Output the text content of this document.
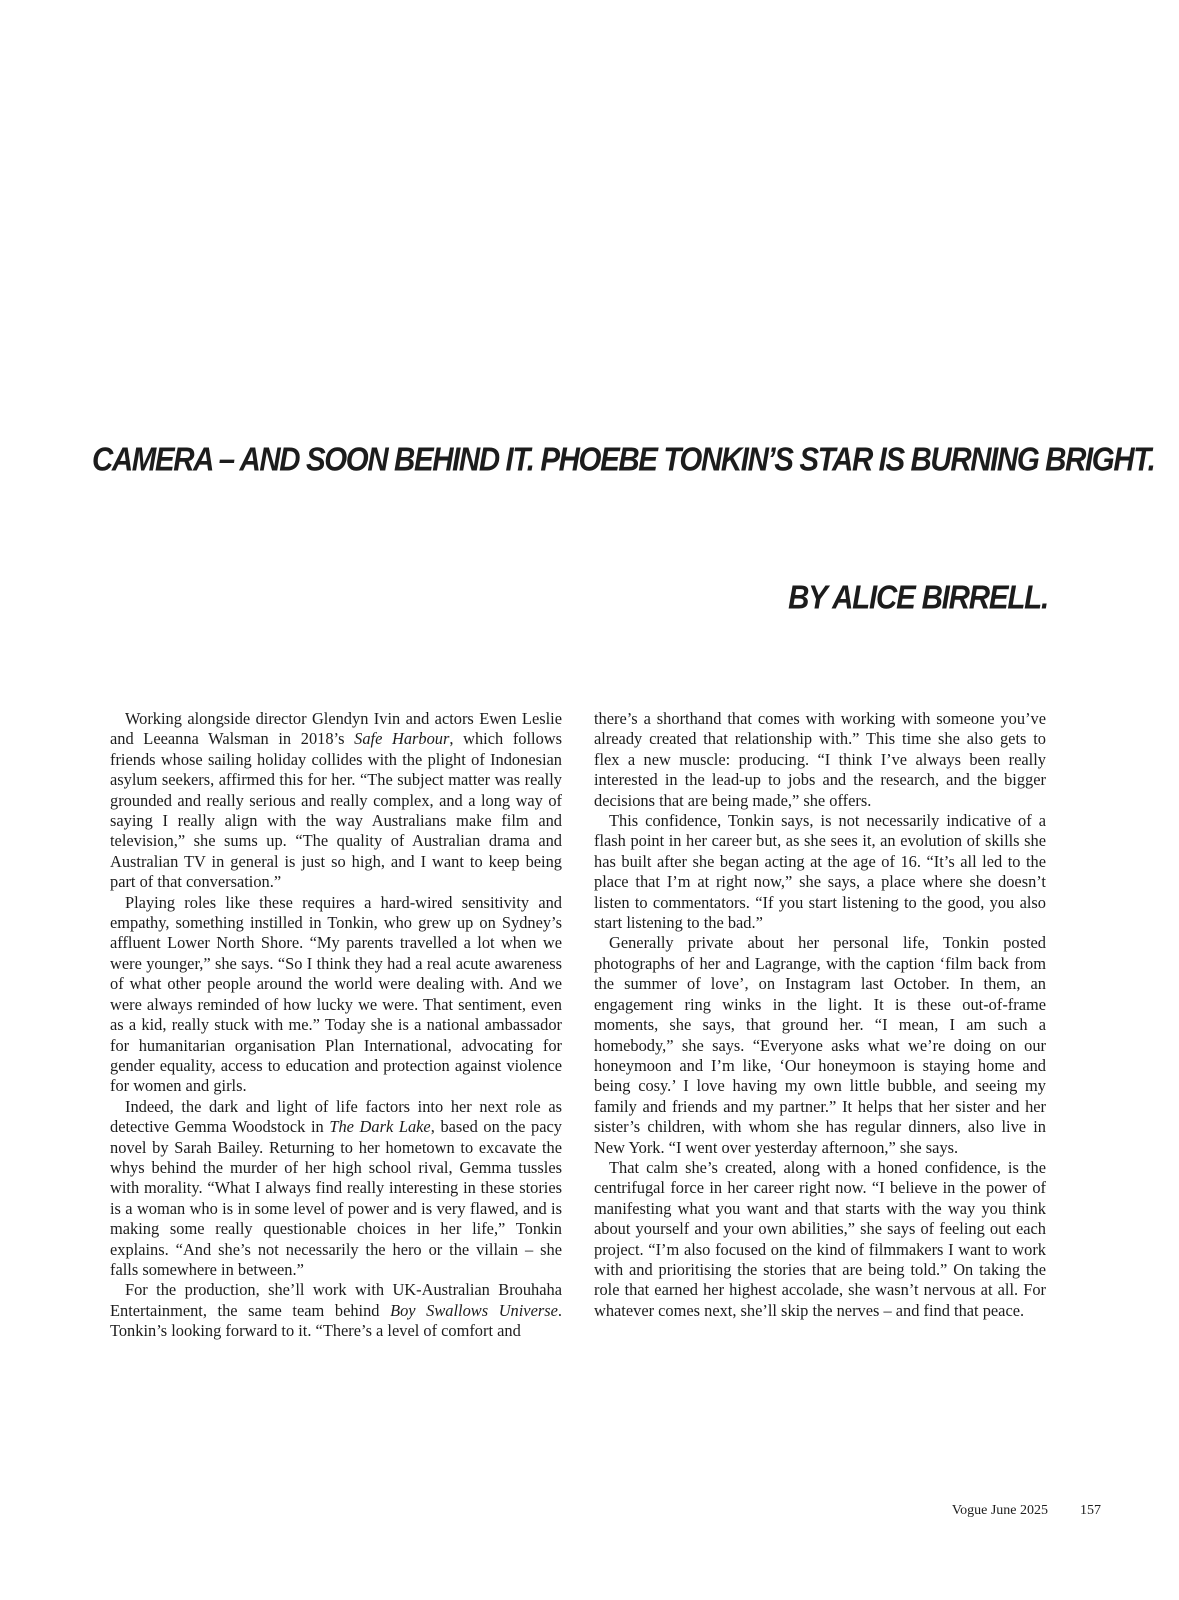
CAMERA – AND SOON BEHIND IT. PHOEBE TONKIN’S STAR IS BURNING BRIGHT.
BY ALICE BIRRELL.

Working alongside director Glendyn Ivin and actors Ewen Leslie and Leeanna Walsman in 2018’s Safe Harbour, which follows friends whose sailing holiday collides with the plight of Indonesian asylum seekers, affirmed this for her. “The subject matter was really grounded and really serious and really complex, and a long way of saying I really align with the way Australians make film and television,” she sums up. “The quality of Australian drama and Australian TV in general is just so high, and I want to keep being part of that conversation.”

Playing roles like these requires a hard-wired sensitivity and empathy, something instilled in Tonkin, who grew up on Sydney’s affluent Lower North Shore. “My parents travelled a lot when we were younger,” she says. “So I think they had a real acute awareness of what other people around the world were dealing with. And we were always reminded of how lucky we were. That sentiment, even as a kid, really stuck with me.” Today she is a national ambassador for humanitarian organisation Plan International, advocating for gender equality, access to education and protection against violence for women and girls.

Indeed, the dark and light of life factors into her next role as detective Gemma Woodstock in The Dark Lake, based on the pacy novel by Sarah Bailey. Returning to her hometown to excavate the whys behind the murder of her high school rival, Gemma tussles with morality. “What I always find really interesting in these stories is a woman who is in some level of power and is very flawed, and is making some really questionable choices in her life,” Tonkin explains. “And she’s not necessarily the hero or the villain – she falls somewhere in between.”

For the production, she’ll work with UK-Australian Brouhaha Entertainment, the same team behind Boy Swallows Universe. Tonkin’s looking forward to it. “There’s a level of comfort and

there’s a shorthand that comes with working with someone you’ve already created that relationship with.” This time she also gets to flex a new muscle: producing. “I think I’ve always been really interested in the lead-up to jobs and the research, and the bigger decisions that are being made,” she offers.

This confidence, Tonkin says, is not necessarily indicative of a flash point in her career but, as she sees it, an evolution of skills she has built after she began acting at the age of 16. “It’s all led to the place that I’m at right now,” she says, a place where she doesn’t listen to commentators. “If you start listening to the good, you also start listening to the bad.”

Generally private about her personal life, Tonkin posted photographs of her and Lagrange, with the caption ‘film back from the summer of love’, on Instagram last October. In them, an engagement ring winks in the light. It is these out-of-frame moments, she says, that ground her. “I mean, I am such a homebody,” she says. “Everyone asks what we’re doing on our honeymoon and I’m like, ‘Our honeymoon is staying home and being cosy.’ I love having my own little bubble, and seeing my family and friends and my partner.” It helps that her sister and her sister’s children, with whom she has regular dinners, also live in New York. “I went over yesterday afternoon,” she says.

That calm she’s created, along with a honed confidence, is the centrifugal force in her career right now. “I believe in the power of manifesting what you want and that starts with the way you think about yourself and your own abilities,” she says of feeling out each project. “I’m also focused on the kind of filmmakers I want to work with and prioritising the stories that are being told.” On taking the role that earned her highest accolade, she wasn’t nervous at all. For whatever comes next, she’ll skip the nerves – and find that peace.

Vogue June 2025 157
